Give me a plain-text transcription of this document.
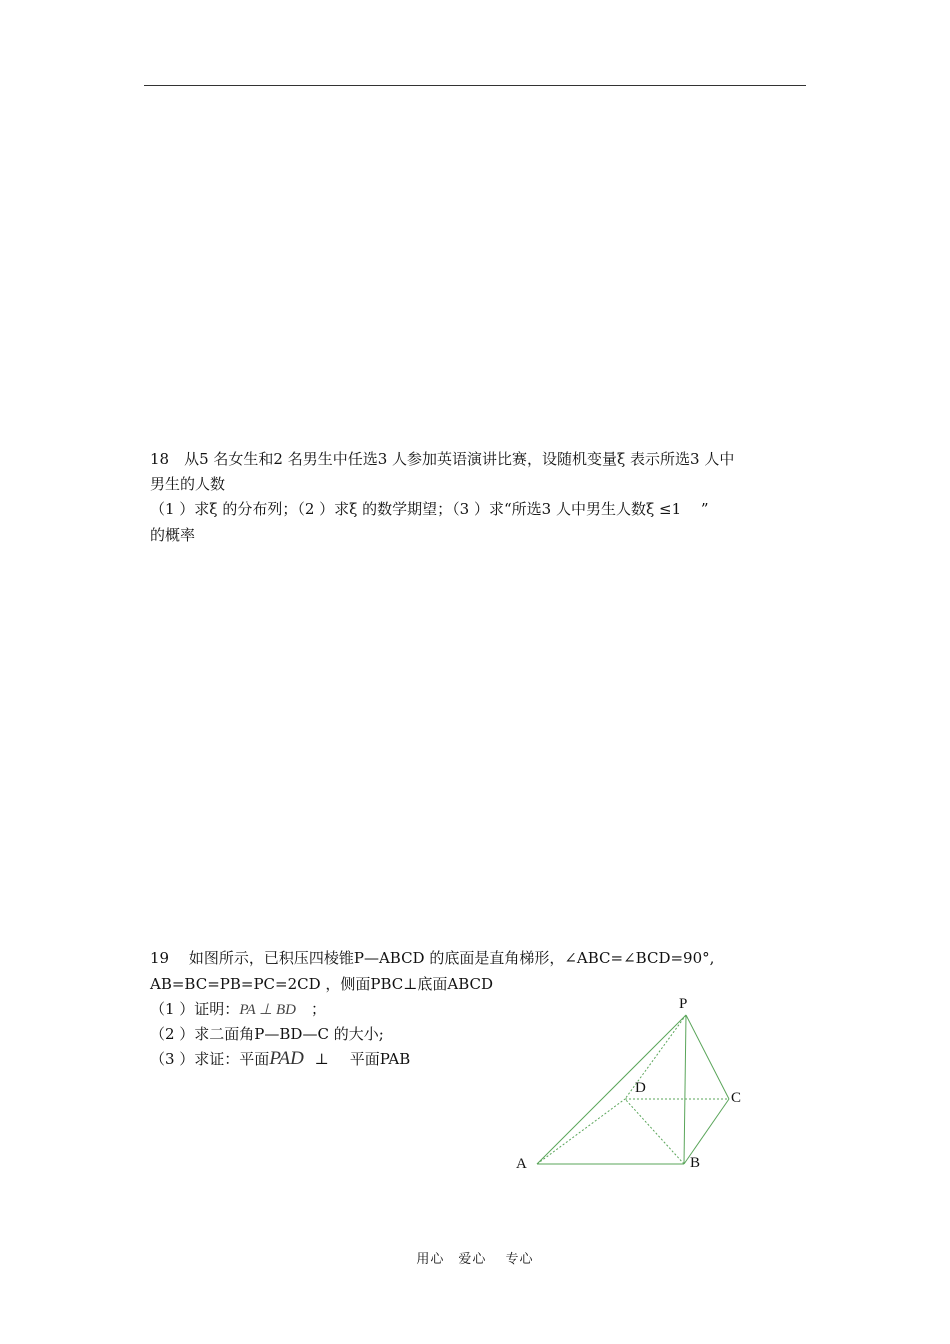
18　从5 名女生和2 名男生中任选3 人参加英语演讲比赛，设随机变量ξ 表示所选3 人中
男生的人数
（1 ）求ξ 的分布列；（2 ）求ξ 的数学期望；（3 ）求“所选3 人中男生人数ξ ≤1 　”
的概率
19　 如图所示，已积压四棱锥P—ABCD 的底面是直角梯形，∠ABC=∠BCD=90°,
AB=BC=PB=PC=2CD ，侧面PBC⊥底面ABCD
（1 ）证明：PA ⊥ BD　；
（2 ）求二面角P—BD—C 的大小;
（3 ）求证：平面PAD ⊥　平面PAB
P
D
C
A	B
用心　爱心　 专心
